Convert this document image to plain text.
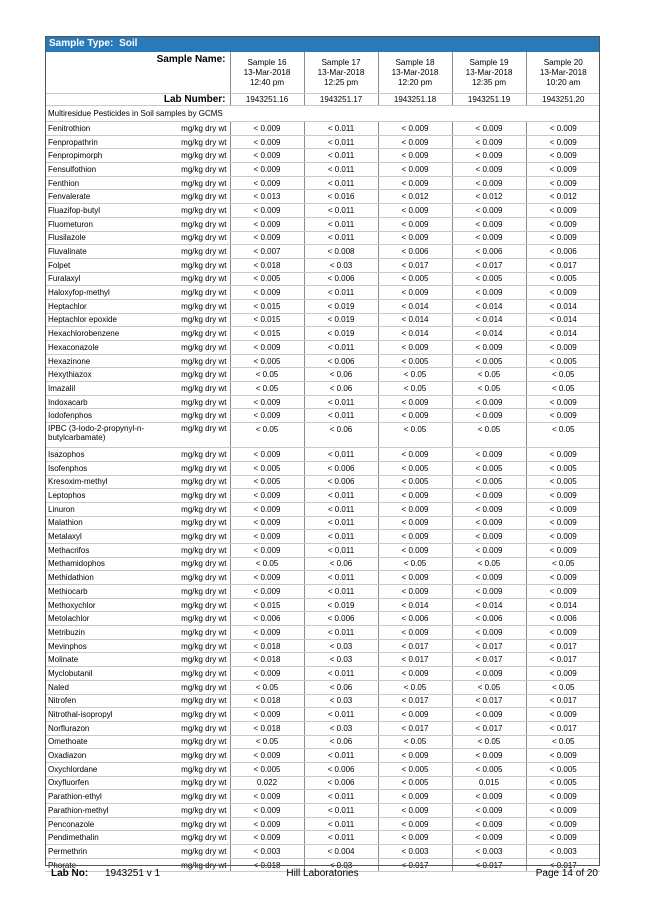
Sample Type: Soil
Sample Name:		Sample 16
13-Mar-2018
12:40 pm	Sample 17
13-Mar-2018
12:25 pm	Sample 18
13-Mar-2018
12:20 pm	Sample 19
13-Mar-2018
12:35 pm	Sample 20
13-Mar-2018
10:20 am
Lab Number:		1943251.16	1943251.17	1943251.18	1943251.19	1943251.20
Multiresidue Pesticides in Soil samples by GCMS						
Fenitrothion	mg/kg dry wt	< 0.009	< 0.011	< 0.009	< 0.009	< 0.009
Fenpropathrin	mg/kg dry wt	< 0.009	< 0.011	< 0.009	< 0.009	< 0.009
Fenpropimorph	mg/kg dry wt	< 0.009	< 0.011	< 0.009	< 0.009	< 0.009
Fensulfothion	mg/kg dry wt	< 0.009	< 0.011	< 0.009	< 0.009	< 0.009
Fenthion	mg/kg dry wt	< 0.009	< 0.011	< 0.009	< 0.009	< 0.009
Fenvalerate	mg/kg dry wt	< 0.013	< 0.016	< 0.012	< 0.012	< 0.012
Fluazifop-butyl	mg/kg dry wt	< 0.009	< 0.011	< 0.009	< 0.009	< 0.009
Fluometuron	mg/kg dry wt	< 0.009	< 0.011	< 0.009	< 0.009	< 0.009
Flusilazole	mg/kg dry wt	< 0.009	< 0.011	< 0.009	< 0.009	< 0.009
Fluvalinate	mg/kg dry wt	< 0.007	< 0.008	< 0.006	< 0.006	< 0.006
Folpet	mg/kg dry wt	< 0.018	< 0.03	< 0.017	< 0.017	< 0.017
Furalaxyl	mg/kg dry wt	< 0.005	< 0.006	< 0.005	< 0.005	< 0.005
Haloxyfop-methyl	mg/kg dry wt	< 0.009	< 0.011	< 0.009	< 0.009	< 0.009
Heptachlor	mg/kg dry wt	< 0.015	< 0.019	< 0.014	< 0.014	< 0.014
Heptachlor epoxide	mg/kg dry wt	< 0.015	< 0.019	< 0.014	< 0.014	< 0.014
Hexachlorobenzene	mg/kg dry wt	< 0.015	< 0.019	< 0.014	< 0.014	< 0.014
Hexaconazole	mg/kg dry wt	< 0.009	< 0.011	< 0.009	< 0.009	< 0.009
Hexazinone	mg/kg dry wt	< 0.005	< 0.006	< 0.005	< 0.005	< 0.005
Hexythiazox	mg/kg dry wt	< 0.05	< 0.06	< 0.05	< 0.05	< 0.05
Imazalil	mg/kg dry wt	< 0.05	< 0.06	< 0.05	< 0.05	< 0.05
Indoxacarb	mg/kg dry wt	< 0.009	< 0.011	< 0.009	< 0.009	< 0.009
Iodofenphos	mg/kg dry wt	< 0.009	< 0.011	< 0.009	< 0.009	< 0.009
IPBC (3-Iodo-2-propynyl-n-butylcarbamate)	mg/kg dry wt	< 0.05	< 0.06	< 0.05	< 0.05	< 0.05
Isazophos	mg/kg dry wt	< 0.009	< 0.011	< 0.009	< 0.009	< 0.009
Isofenphos	mg/kg dry wt	< 0.005	< 0.006	< 0.005	< 0.005	< 0.005
Kresoxim-methyl	mg/kg dry wt	< 0.005	< 0.006	< 0.005	< 0.005	< 0.005
Leptophos	mg/kg dry wt	< 0.009	< 0.011	< 0.009	< 0.009	< 0.009
Linuron	mg/kg dry wt	< 0.009	< 0.011	< 0.009	< 0.009	< 0.009
Malathion	mg/kg dry wt	< 0.009	< 0.011	< 0.009	< 0.009	< 0.009
Metalaxyl	mg/kg dry wt	< 0.009	< 0.011	< 0.009	< 0.009	< 0.009
Methacrifos	mg/kg dry wt	< 0.009	< 0.011	< 0.009	< 0.009	< 0.009
Methamidophos	mg/kg dry wt	< 0.05	< 0.06	< 0.05	< 0.05	< 0.05
Methidathion	mg/kg dry wt	< 0.009	< 0.011	< 0.009	< 0.009	< 0.009
Methiocarb	mg/kg dry wt	< 0.009	< 0.011	< 0.009	< 0.009	< 0.009
Methoxychlor	mg/kg dry wt	< 0.015	< 0.019	< 0.014	< 0.014	< 0.014
Metolachlor	mg/kg dry wt	< 0.006	< 0.006	< 0.006	< 0.006	< 0.006
Metribuzin	mg/kg dry wt	< 0.009	< 0.011	< 0.009	< 0.009	< 0.009
Mevinphos	mg/kg dry wt	< 0.018	< 0.03	< 0.017	< 0.017	< 0.017
Molinate	mg/kg dry wt	< 0.018	< 0.03	< 0.017	< 0.017	< 0.017
Myclobutanil	mg/kg dry wt	< 0.009	< 0.011	< 0.009	< 0.009	< 0.009
Naled	mg/kg dry wt	< 0.05	< 0.06	< 0.05	< 0.05	< 0.05
Nitrofen	mg/kg dry wt	< 0.018	< 0.03	< 0.017	< 0.017	< 0.017
Nitrothal-isopropyl	mg/kg dry wt	< 0.009	< 0.011	< 0.009	< 0.009	< 0.009
Norflurazon	mg/kg dry wt	< 0.018	< 0.03	< 0.017	< 0.017	< 0.017
Omethoate	mg/kg dry wt	< 0.05	< 0.06	< 0.05	< 0.05	< 0.05
Oxadiazon	mg/kg dry wt	< 0.009	< 0.011	< 0.009	< 0.009	< 0.009
Oxychlordane	mg/kg dry wt	< 0.005	< 0.006	< 0.005	< 0.005	< 0.005
Oxyfluorfen	mg/kg dry wt	0.022	< 0.006	< 0.005	0.015	< 0.005
Parathion-ethyl	mg/kg dry wt	< 0.009	< 0.011	< 0.009	< 0.009	< 0.009
Parathion-methyl	mg/kg dry wt	< 0.009	< 0.011	< 0.009	< 0.009	< 0.009
Penconazole	mg/kg dry wt	< 0.009	< 0.011	< 0.009	< 0.009	< 0.009
Pendimethalin	mg/kg dry wt	< 0.009	< 0.011	< 0.009	< 0.009	< 0.009
Permethrin	mg/kg dry wt	< 0.003	< 0.004	< 0.003	< 0.003	< 0.003
Phorate	mg/kg dry wt	< 0.018	< 0.03	< 0.017	< 0.017	< 0.017
Lab No: 1943251 v 1	Hill Laboratories	Page 14 of 20
